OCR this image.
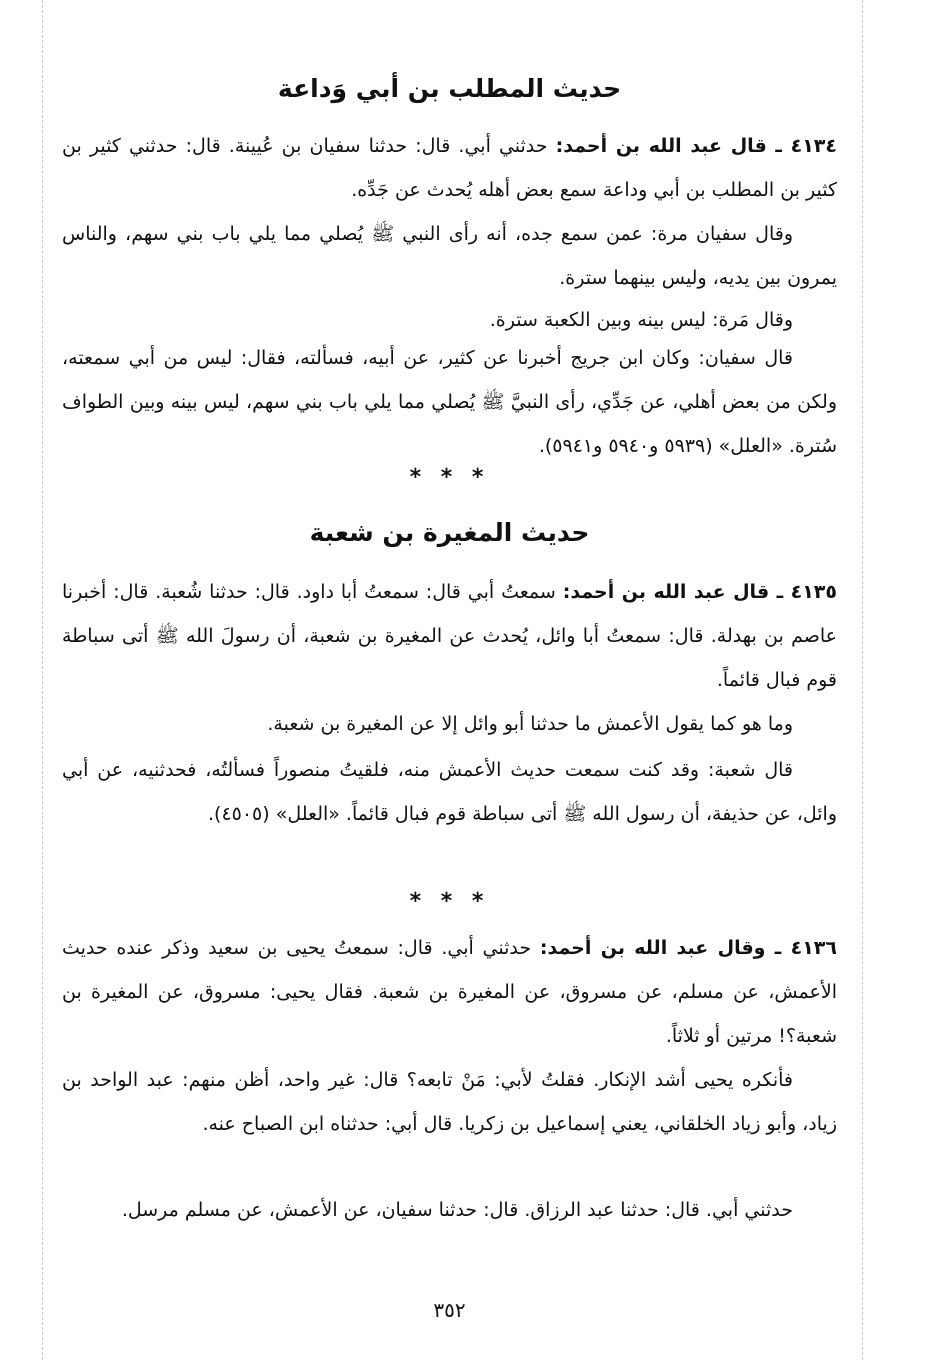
حديث المطلب بن أبي وَداعة
٤١٣٤ ـ قال عبد الله بن أحمد: حدثني أبي. قال: حدثنا سفيان بن عُيينة. قال: حدثني كثير بن كثير بن المطلب بن أبي وداعة سمع بعض أهله يُحدث عن جَدِّه.
وقال سفيان مرة: عمن سمع جده، أنه رأى النبي ﷺ يُصلي مما يلي باب بني سهم، والناس يمرون بين يديه، وليس بينهما سترة.
وقال مَرة: ليس بينه وبين الكعبة سترة.
قال سفيان: وكان ابن جريج أخبرنا عن كثير، عن أبيه، فسألته، فقال: ليس من أبي سمعته، ولكن من بعض أهلي، عن جَدِّي، رأى النبيَّ ﷺ يُصلي مما يلي باب بني سهم، ليس بينه وبين الطواف سُترة. «العلل» (٥٩٣٩ و٥٩٤٠ و٥٩٤١).
* * *
حديث المغيرة بن شعبة
٤١٣٥ ـ قال عبد الله بن أحمد: سمعتُ أبي قال: سمعتُ أبا داود. قال: حدثنا شُعبة. قال: أخبرنا عاصم بن بهدلة. قال: سمعتُ أبا وائل، يُحدث عن المغيرة بن شعبة، أن رسولَ الله ﷺ أتى سباطة قوم فبال قائماً.
وما هو كما يقول الأعمش ما حدثنا أبو وائل إلا عن المغيرة بن شعبة.
قال شعبة: وقد كنت سمعت حديث الأعمش منه، فلقيتُ منصوراً فسألتُه، فحدثنيه، عن أبي وائل، عن حذيفة، أن رسول الله ﷺ أتى سباطة قوم فبال قائماً. «العلل» (٤٥٠٥).
* * *
٤١٣٦ ـ وقال عبد الله بن أحمد: حدثني أبي. قال: سمعتُ يحيى بن سعيد وذكر عنده حديث الأعمش، عن مسلم، عن مسروق، عن المغيرة بن شعبة. فقال يحيى: مسروق، عن المغيرة بن شعبة؟! مرتين أو ثلاثاً.
فأنكره يحيى أشد الإنكار. فقلتُ لأبي: مَنْ تابعه؟ قال: غير واحد، أظن منهم: عبد الواحد بن زياد، وأبو زياد الخلقاني، يعني إسماعيل بن زكريا. قال أبي: حدثناه ابن الصباح عنه.
حدثني أبي. قال: حدثنا عبد الرزاق. قال: حدثنا سفيان، عن الأعمش، عن مسلم مرسل.
٣٥٢
